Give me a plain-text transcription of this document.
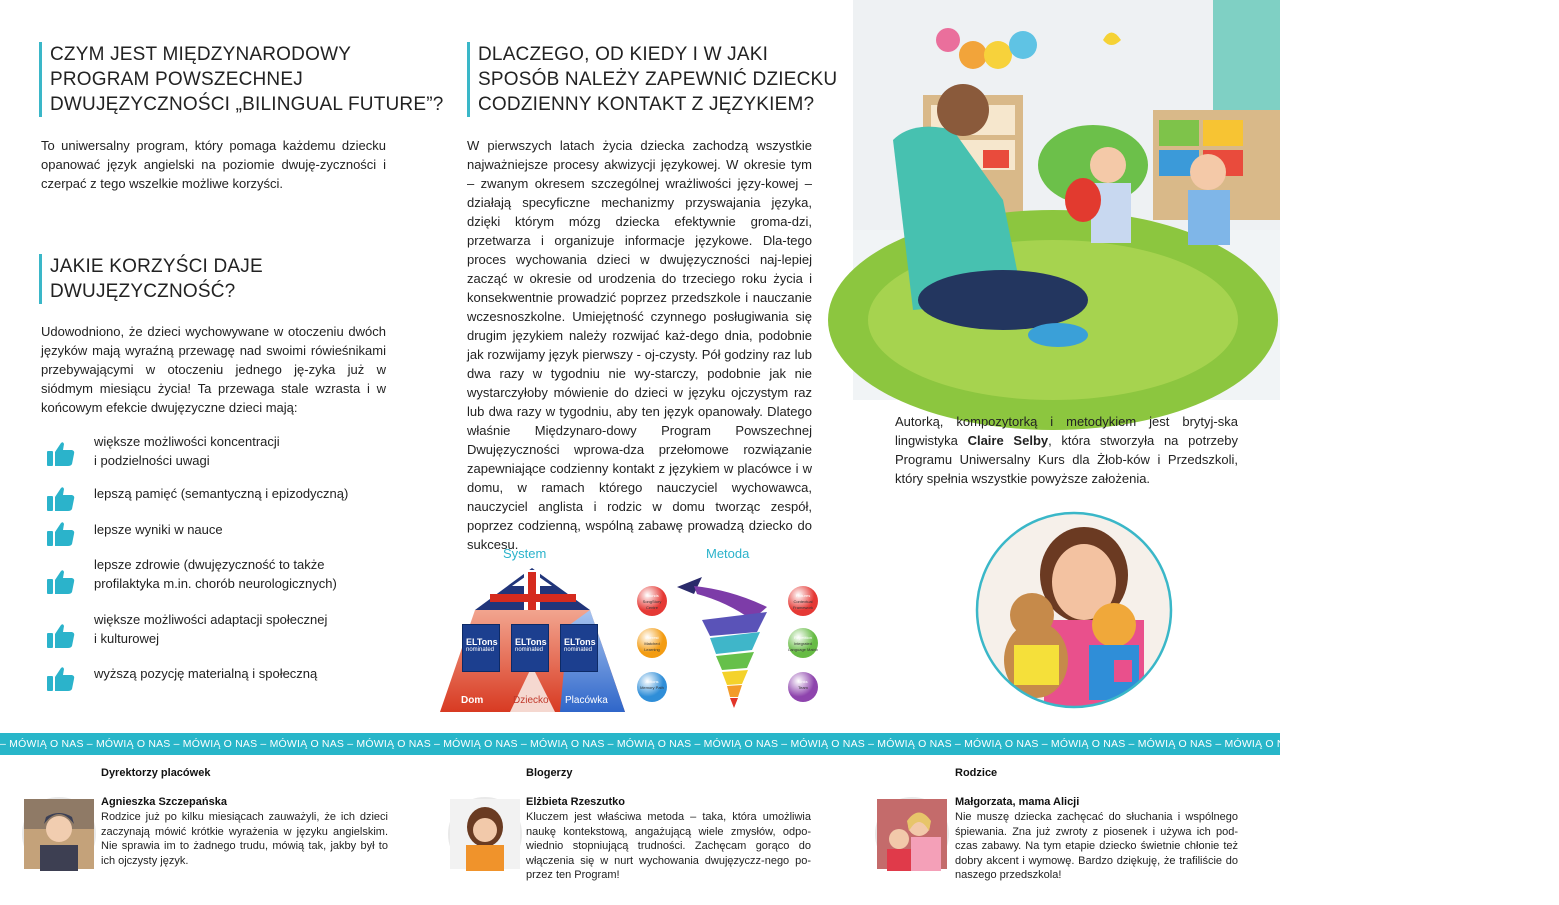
CZYM JEST MIĘDZYNARODOWY
PROGRAM POWSZECHNEJ
DWUJĘZYCZNOŚCI „BILINGUAL FUTURE”?
To uniwersalny program, który pomaga każdemu dziecku opanować język angielski na poziomie dwuję-zyczności i czerpać z tego wszelkie możliwe korzyści.
JAKIE KORZYŚCI DAJE
DWUJĘZYCZNOŚĆ?
Udowodniono, że dzieci wychowywane w otoczeniu dwóch języków mają wyraźną przewagę nad swoimi rówieśnikami przebywającymi w otoczeniu jednego ję-zyka już w siódmym miesiącu życia! Ta przewaga stale wzrasta i w końcowym efekcie dwujęzyczne dzieci mają:
większe możliwości koncentracji
i podzielności uwagi
lepszą pamięć (semantyczną i epizodyczną)
lepsze wyniki w nauce
lepsze zdrowie (dwujęzyczność to także
profilaktyka m.in. chorób neurologicznych)
większe możliwości adaptacji społecznej
i kulturowej
wyższą pozycję materialną i społeczną
DLACZEGO, OD KIEDY I W JAKI
SPOSÓB NALEŻY ZAPEWNIĆ DZIECKU
CODZIENNY KONTAKT Z JĘZYKIEM?
W pierwszych latach życia dziecka zachodzą wszystkie najważniejsze procesy akwizycji językowej. W okresie tym – zwanym okresem szczególnej wrażliwości języ-kowej – działają specyficzne mechanizmy przyswajania języka, dzięki którym mózg dziecka efektywnie groma-dzi, przetwarza i organizuje informacje językowe. Dla-tego proces wychowania dzieci w dwujęzyczności naj-lepiej zacząć w okresie od urodzenia do trzeciego roku życia i konsekwentnie prowadzić poprzez przedszkole i nauczanie wczesnoszkolne. Umiejętność czynnego posługiwania się drugim językiem należy rozwijać każ-dego dnia, podobnie jak rozwijamy język pierwszy - oj-czysty. Pół godziny raz lub dwa razy w tygodniu nie wy-starczy, podobnie jak nie wystarczyłoby mówienie do dzieci w języku ojczystym raz lub dwa razy w tygodniu, aby ten język opanowały. Dlatego właśnie Międzynaro-dowy Program Powszechnej Dwujęzyczności wprowa-dza przełomowe rozwiązanie zapewniające codzienny kontakt z językiem w placówce i w domu, w ramach którego nauczyciel wychowawca, nauczyciel anglista i rodzic w domu tworząc zespół, poprzez codzienną, wspólną zabawę prowadzą dziecko do sukcesu.
System
ELTons
nominated
ELTons
nominated
ELTons
nominated
Dom	Dziecko Placówka
Metoda
Sounds
SongStory Centre
Pictures
Contextual Framework
Interest
Matched Learning
Repetition
Integrated Language Matrix
Actions
Memory Path
Links
Team
Autorką, kompozytorką i metodykiem jest brytyj-ska lingwistyka Claire Selby, która stworzyła na potrzeby Programu Uniwersalny Kurs dla Żłob-ków i Przedszkoli, który spełnia wszystkie powyższe założenia.
– MÓWIĄ O NAS – MÓWIĄ O NAS – MÓWIĄ O NAS – MÓWIĄ O NAS – MÓWIĄ O NAS – MÓWIĄ O NAS – MÓWIĄ O NAS – MÓWIĄ O NAS – MÓWIĄ O NAS – MÓWIĄ O NAS – MÓWIĄ O NAS – MÓWIĄ O NAS – MÓWIĄ O NAS – MÓWIĄ O NAS – MÓWIĄ O NAS – MÓWIĄ O NAS – MÓWIĄ O NAS – MÓWIĄ O NAS
Dyrektorzy placówek
Agnieszka Szczepańska
Rodzice już po kilku miesiącach zauważyli, że ich dzieci zaczynają mówić krótkie wyrażenia w języku angielskim. Nie sprawia im to żadnego trudu, mówią tak, jakby był to ich ojczysty język.
Blogerzy
Elżbieta Rzeszutko
Kluczem jest właściwa metoda – taka, która umożliwia naukę kontekstową, angażującą wiele zmysłów, odpo-wiednio stopniującą trudności. Zachęcam gorąco do włączenia się w nurt wychowania dwujęzyczz-nego po-przez ten Program!
Rodzice
Małgorzata, mama Alicji
Nie muszę dziecka zachęcać do słuchania i wspólnego śpiewania. Zna już zwroty z piosenek i używa ich pod-czas zabawy. Na tym etapie dziecko świetnie chłonie też dobry akcent i wymowę. Bardzo dziękuję, że trafiliście do naszego przedszkola!
